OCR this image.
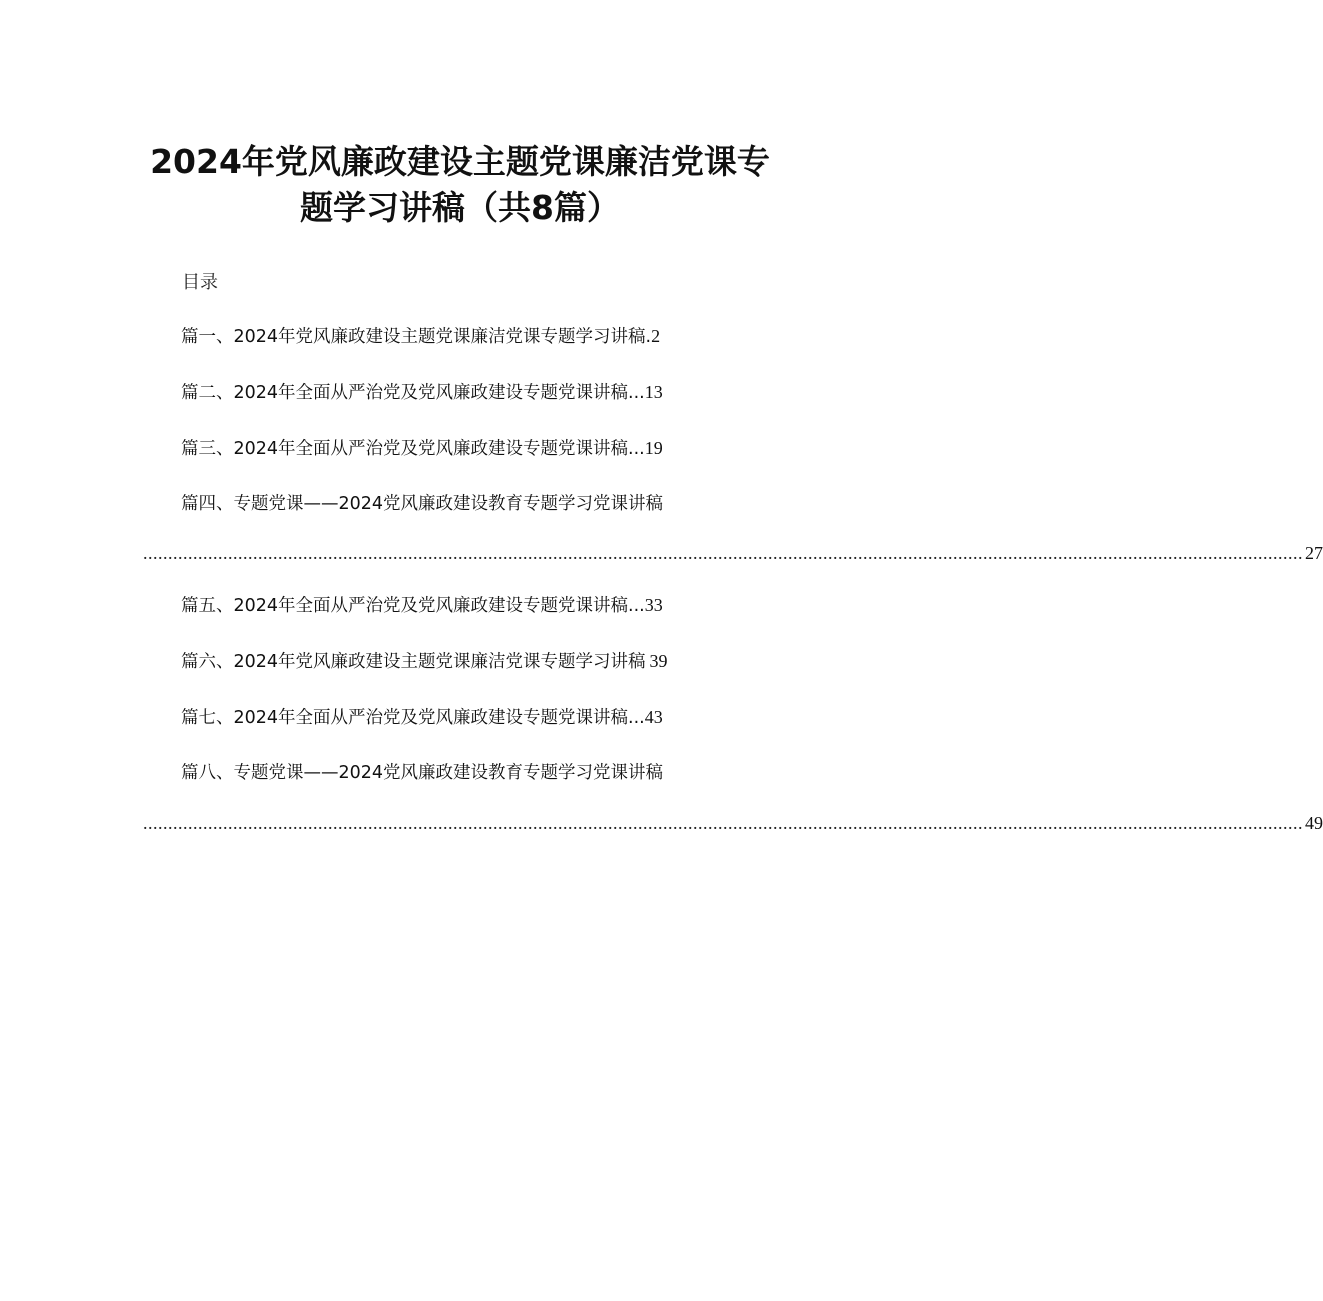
2024年党风廉政建设主题党课廉洁党课专
题学习讲稿（共8篇）
目录
篇一、2024年党风廉政建设主题党课廉洁党课专题学习讲稿.2
篇二、2024年全面从严治党及党风廉政建设专题党课讲稿...13
篇三、2024年全面从严治党及党风廉政建设专题党课讲稿...19
篇四、专题党课——2024党风廉政建设教育专题学习党课讲稿
........................................................................................................................................................................................................................................ 27
篇五、2024年全面从严治党及党风廉政建设专题党课讲稿...33
篇六、2024年党风廉政建设主题党课廉洁党课专题学习讲稿 39
篇七、2024年全面从严治党及党风廉政建设专题党课讲稿...43
篇八、专题党课——2024党风廉政建设教育专题学习党课讲稿
........................................................................................................................................................................................................................................ 49
